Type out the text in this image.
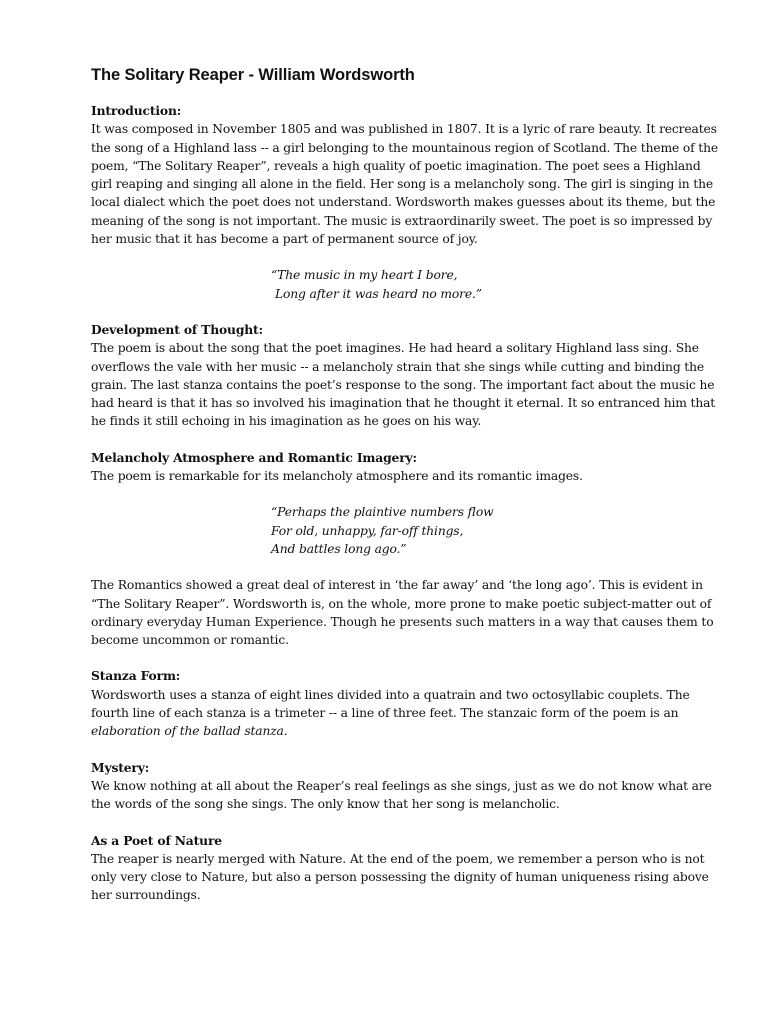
The Solitary Reaper - William Wordsworth

Introduction:

It was composed in November 1805 and was published in 1807. It is a lyric of rare beauty. It recreates the song of a Highland lass -- a girl belonging to the mountainous region of Scotland. The theme of the poem, “The Solitary Reaper”, reveals a high quality of poetic imagination. The poet sees a Highland girl reaping and singing all alone in the field. Her song is a melancholy song. The girl is singing in the local dialect which the poet does not understand. Wordsworth makes guesses about its theme, but the meaning of the song is not important. The music is extraordinarily sweet. The poet is so impressed by her music that it has become a part of permanent source of joy.

“The music in my heart I bore,
Long after it was heard no more.”

Development of Thought:

The poem is about the song that the poet imagines. He had heard a solitary Highland lass sing. She overflows the vale with her music -- a melancholy strain that she sings while cutting and binding the grain. The last stanza contains the poet’s response to the song. The important fact about the music he had heard is that it has so involved his imagination that he thought it eternal. It so entranced him that he finds it still echoing in his imagination as he goes on his way.

Melancholy Atmosphere and Romantic Imagery:

The poem is remarkable for its melancholy atmosphere and its romantic images.

“Perhaps the plaintive numbers flow
For old, unhappy, far-off things,
And battles long ago.”

The Romantics showed a great deal of interest in ‘the far away’ and ‘the long ago’. This is evident in “The Solitary Reaper”. Wordsworth is, on the whole, more prone to make poetic subject-matter out of ordinary everyday Human Experience. Though he presents such matters in a way that causes them to become uncommon or romantic.

Stanza Form:

Wordsworth uses a stanza of eight lines divided into a quatrain and two octosyllabic couplets. The fourth line of each stanza is a trimeter -- a line of three feet. The stanzaic form of the poem is an elaboration of the ballad stanza.

Mystery:

We know nothing at all about the Reaper’s real feelings as she sings, just as we do not know what are the words of the song she sings. The only know that her song is melancholic.

As a Poet of Nature

The reaper is nearly merged with Nature. At the end of the poem, we remember a person who is not only very close to Nature, but also a person possessing the dignity of human uniqueness rising above her surroundings.
